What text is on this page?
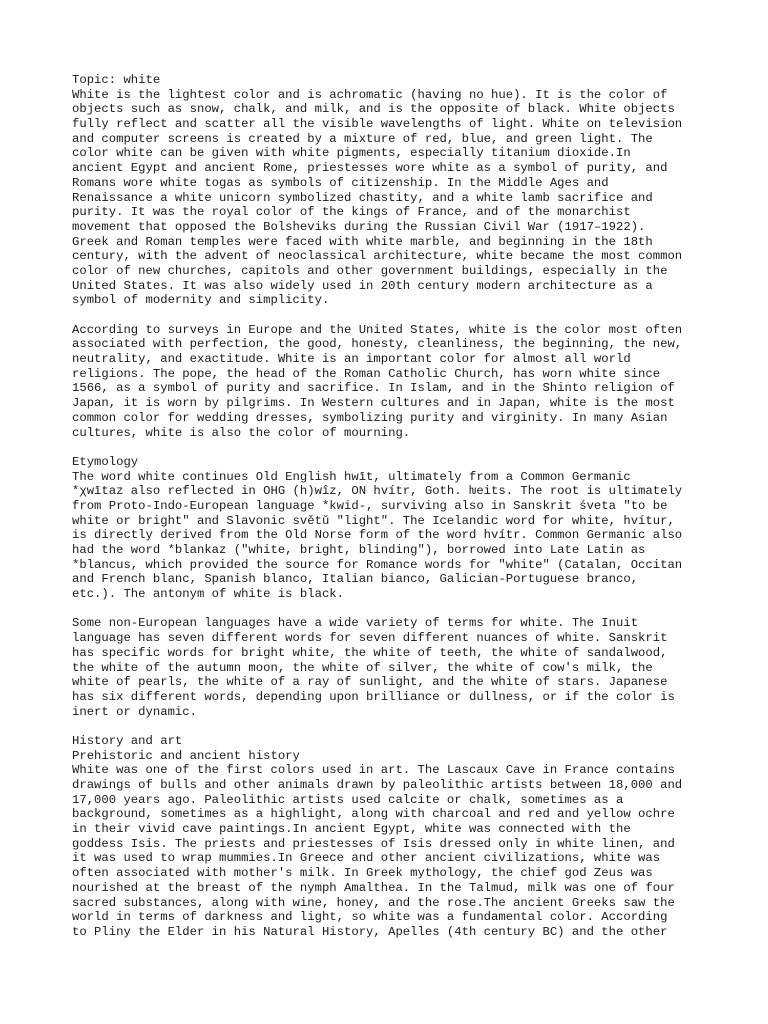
Topic: white
White is the lightest color and is achromatic (having no hue). It is the color of
objects such as snow, chalk, and milk, and is the opposite of black. White objects
fully reflect and scatter all the visible wavelengths of light. White on television
and computer screens is created by a mixture of red, blue, and green light. The
color white can be given with white pigments, especially titanium dioxide.In
ancient Egypt and ancient Rome, priestesses wore white as a symbol of purity, and
Romans wore white togas as symbols of citizenship. In the Middle Ages and
Renaissance a white unicorn symbolized chastity, and a white lamb sacrifice and
purity. It was the royal color of the kings of France, and of the monarchist
movement that opposed the Bolsheviks during the Russian Civil War (1917–1922).
Greek and Roman temples were faced with white marble, and beginning in the 18th
century, with the advent of neoclassical architecture, white became the most common
color of new churches, capitols and other government buildings, especially in the
United States. It was also widely used in 20th century modern architecture as a
symbol of modernity and simplicity.
According to surveys in Europe and the United States, white is the color most often
associated with perfection, the good, honesty, cleanliness, the beginning, the new,
neutrality, and exactitude. White is an important color for almost all world
religions. The pope, the head of the Roman Catholic Church, has worn white since
1566, as a symbol of purity and sacrifice. In Islam, and in the Shinto religion of
Japan, it is worn by pilgrims. In Western cultures and in Japan, white is the most
common color for wedding dresses, symbolizing purity and virginity. In many Asian
cultures, white is also the color of mourning.
Etymology
The word white continues Old English hwīt, ultimately from a Common Germanic
*χwītaz also reflected in OHG (h)wîz, ON hvítr, Goth. ƕeits. The root is ultimately
from Proto-Indo-European language *kwid-, surviving also in Sanskrit śveta "to be
white or bright" and Slavonic světŭ "light". The Icelandic word for white, hvítur,
is directly derived from the Old Norse form of the word hvítr. Common Germanic also
had the word *blankaz ("white, bright, blinding"), borrowed into Late Latin as
*blancus, which provided the source for Romance words for "white" (Catalan, Occitan
and French blanc, Spanish blanco, Italian bianco, Galician-Portuguese branco,
etc.). The antonym of white is black.
Some non-European languages have a wide variety of terms for white. The Inuit
language has seven different words for seven different nuances of white. Sanskrit
has specific words for bright white, the white of teeth, the white of sandalwood,
the white of the autumn moon, the white of silver, the white of cow's milk, the
white of pearls, the white of a ray of sunlight, and the white of stars. Japanese
has six different words, depending upon brilliance or dullness, or if the color is
inert or dynamic.
History and art
Prehistoric and ancient history
White was one of the first colors used in art. The Lascaux Cave in France contains
drawings of bulls and other animals drawn by paleolithic artists between 18,000 and
17,000 years ago. Paleolithic artists used calcite or chalk, sometimes as a
background, sometimes as a highlight, along with charcoal and red and yellow ochre
in their vivid cave paintings.In ancient Egypt, white was connected with the
goddess Isis. The priests and priestesses of Isis dressed only in white linen, and
it was used to wrap mummies.In Greece and other ancient civilizations, white was
often associated with mother's milk. In Greek mythology, the chief god Zeus was
nourished at the breast of the nymph Amalthea. In the Talmud, milk was one of four
sacred substances, along with wine, honey, and the rose.The ancient Greeks saw the
world in terms of darkness and light, so white was a fundamental color. According
to Pliny the Elder in his Natural History, Apelles (4th century BC) and the other
